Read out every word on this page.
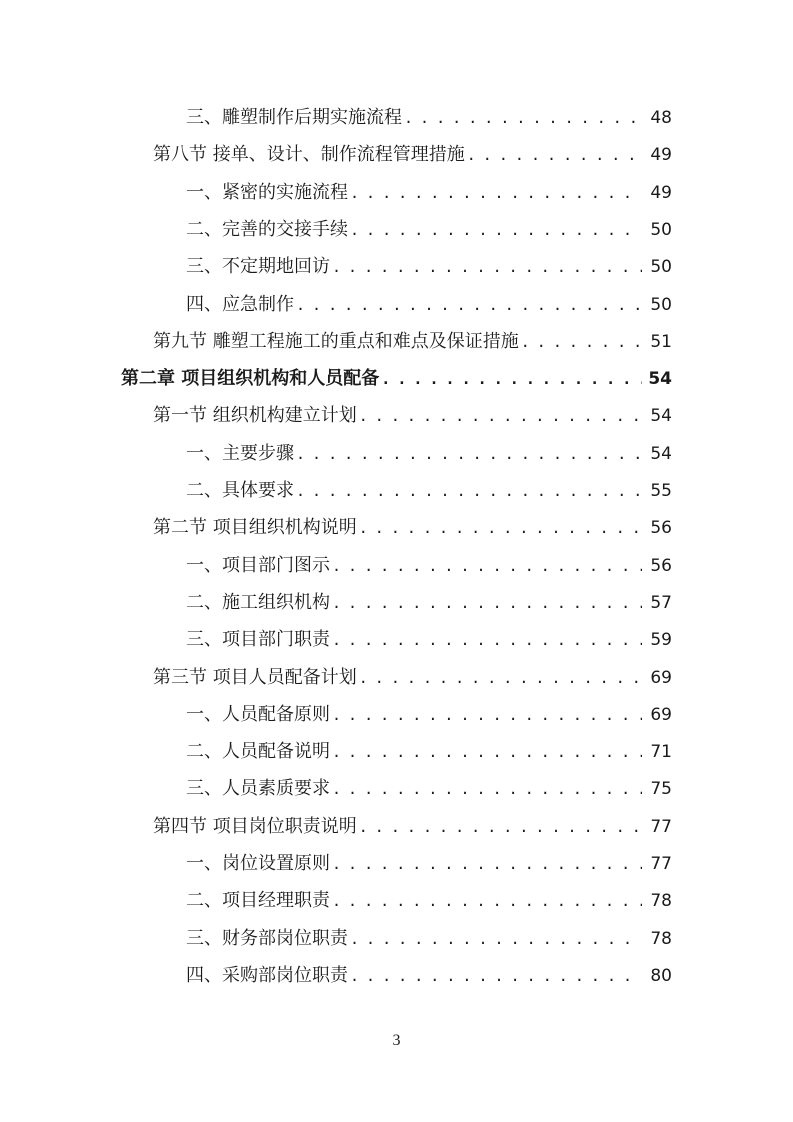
三、雕塑制作后期实施流程 . . .	48
第八节 接单、设计、制作流程管理措施 . . .	49
一、紧密的实施流程 . . .	49
二、完善的交接手续 . . .	50
三、不定期地回访 . . .	50
四、应急制作 . . .	50
第九节 雕塑工程施工的重点和难点及保证措施 . . .	51
第二章 项目组织机构和人员配备 . . .	54
第一节 组织机构建立计划 . . .	54
一、主要步骤 . . .	54
二、具体要求 . . .	55
第二节 项目组织机构说明 . . .	56
一、项目部门图示 . . .	56
二、施工组织机构 . . .	57
三、项目部门职责 . . .	59
第三节 项目人员配备计划 . . .	69
一、人员配备原则 . . .	69
二、人员配备说明 . . .	71
三、人员素质要求 . . .	75
第四节 项目岗位职责说明 . . .	77
一、岗位设置原则 . . .	77
二、项目经理职责 . . .	78
三、财务部岗位职责 . . .	78
四、采购部岗位职责 . . .	80
3
